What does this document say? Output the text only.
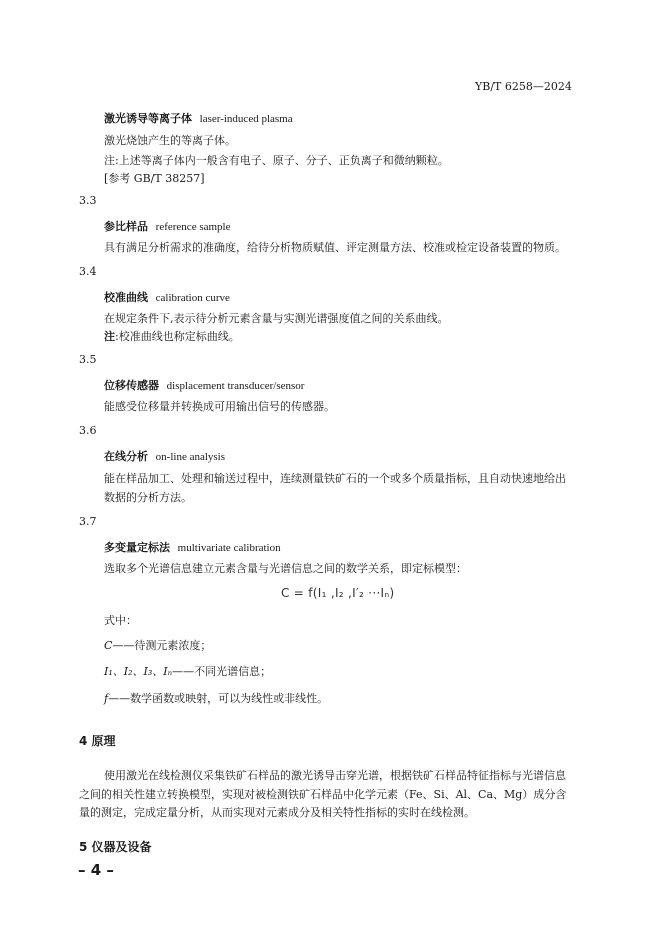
YB/T 6258—2024
激光诱导等离子体 laser-induced plasma
激光烧蚀产生的等离子体。
注:上述等离子体内一般含有电子、原子、分子、正负离子和微纳颗粒。
[参考 GB/T 38257]
3.3
参比样品 reference sample
具有满足分析需求的准确度，给待分析物质赋值、评定测量方法、校准或检定设备装置的物质。
3.4
校准曲线 calibration curve
在规定条件下,表示待分析元素含量与实测光谱强度值之间的关系曲线。
注:校准曲线也称定标曲线。
3.5
位移传感器 displacement transducer/sensor
能感受位移量并转换成可用输出信号的传感器。
3.6
在线分析 on-line analysis
能在样品加工、处理和输送过程中，连续测量铁矿石的一个或多个质量指标，且自动快速地给出
数据的分析方法。
3.7
多变量定标法 multivariate calibration
选取多个光谱信息建立元素含量与光谱信息之间的数学关系，即定标模型：
C = f(I₁ ,I₂ ,I′₂ ···Iₙ)
式中：
C——待测元素浓度；
I₁、I₂、I₃、Iₙ——不同光谱信息；
f——数学函数或映射，可以为线性或非线性。
4 原理
使用激光在线检测仪采集铁矿石样品的激光诱导击穿光谱，根据铁矿石样品特征指标与光谱信息
之间的相关性建立转换模型，实现对被检测铁矿石样品中化学元素（Fe、Si、Al、Ca、Mg）成分含
量的测定，完成定量分析，从而实现对元素成分及相关特性指标的实时在线检测。
5 仪器及设备
– 4 –
